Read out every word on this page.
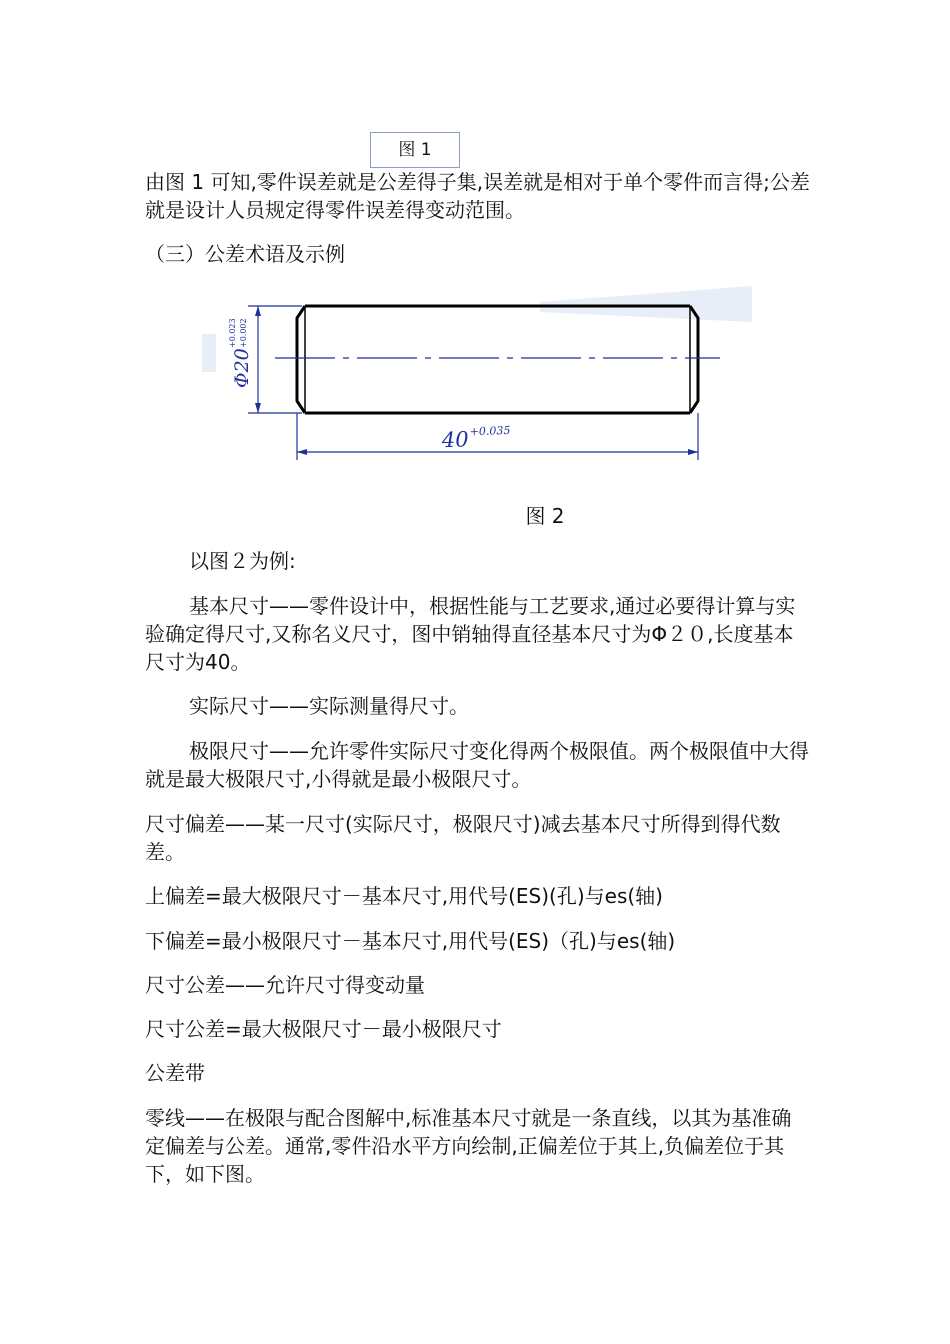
图 1

由图 1 可知,零件误差就是公差得子集,误差就是相对于单个零件而言得;公差就是设计人员规定得零件误差得变动范围。

（三）公差术语及示例

Φ20
+0.023 +0.002
40 +0.035
图 2

以图２为例:

基本尺寸——零件设计中，根据性能与工艺要求,通过必要得计算与实验确定得尺寸,又称名义尺寸，图中销轴得直径基本尺寸为Φ２０,长度基本尺寸为40。

实际尺寸——实际测量得尺寸。

极限尺寸——允许零件实际尺寸变化得两个极限值。两个极限值中大得就是最大极限尺寸,小得就是最小极限尺寸。

尺寸偏差——某一尺寸(实际尺寸，极限尺寸)减去基本尺寸所得到得代数差。

上偏差=最大极限尺寸－基本尺寸,用代号(ES)(孔)与es(轴)

下偏差=最小极限尺寸－基本尺寸,用代号(ES)（孔)与es(轴)

尺寸公差——允许尺寸得变动量

尺寸公差=最大极限尺寸－最小极限尺寸

公差带

零线——在极限与配合图解中,标准基本尺寸就是一条直线，以其为基准确定偏差与公差。通常,零件沿水平方向绘制,正偏差位于其上,负偏差位于其下，如下图。
